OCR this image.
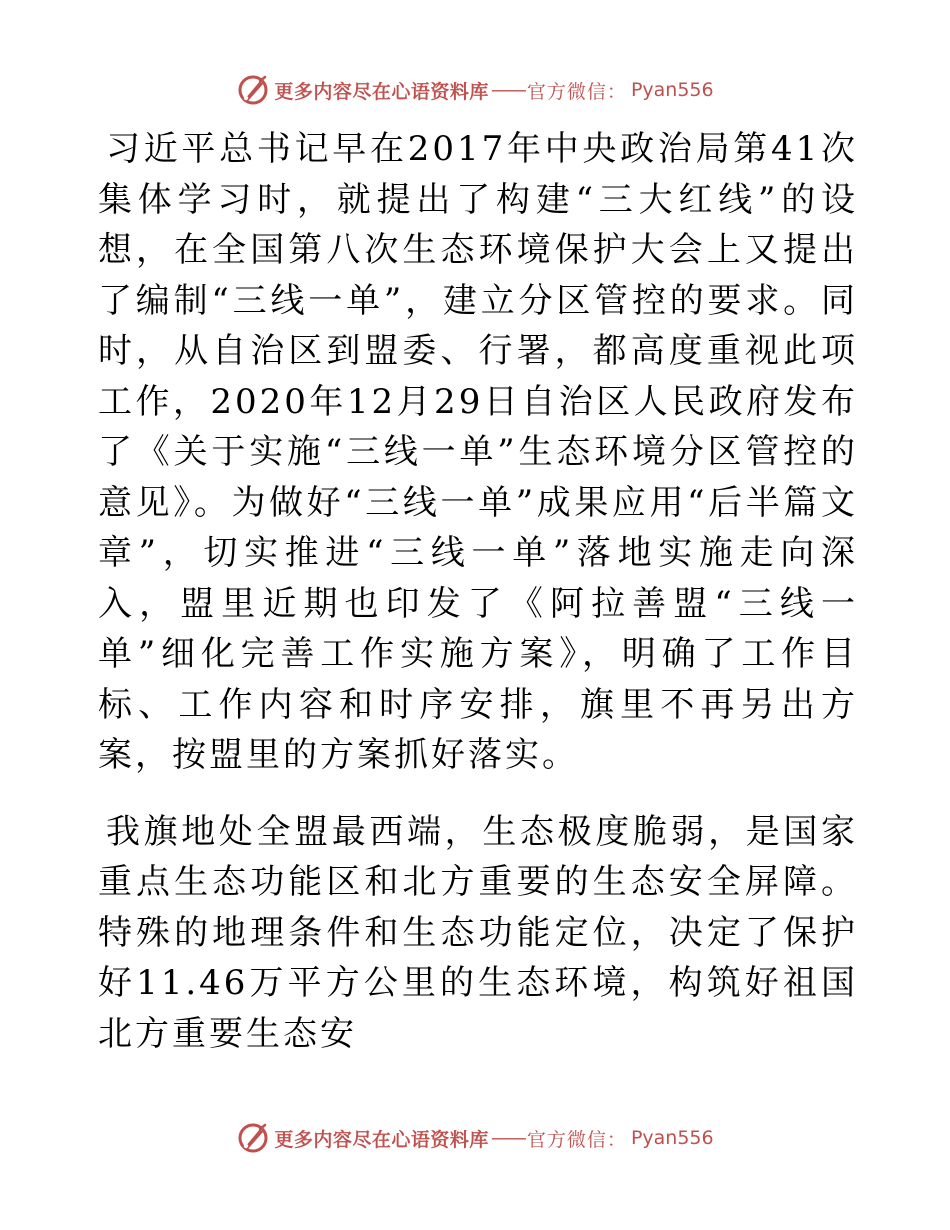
更多内容尽在心语资料库 —— 官方微信： Pyan556

习近平总书记早在2017年中央政治局第41次集体学习时，就提出了构建“三大红线”的设想，在全国第八次生态环境保护大会上又提出了编制“三线一单”，建立分区管控的要求。同时，从自治区到盟委、行署，都高度重视此项工作，2020年12月29日自治区人民政府发布了《关于实施“三线一单”生态环境分区管控的意见》。为做好“三线一单”成果应用“后半篇文章”，切实推进“三线一单”落地实施走向深入，盟里近期也印发了《阿拉善盟“三线一单”细化完善工作实施方案》，明确了工作目标、工作内容和时序安排，旗里不再另出方案，按盟里的方案抓好落实。

我旗地处全盟最西端，生态极度脆弱，是国家重点生态功能区和北方重要的生态安全屏障。特殊的地理条件和生态功能定位，决定了保护好11.46万平方公里的生态环境，构筑好祖国北方重要生态安

更多内容尽在心语资料库 —— 官方微信： Pyan556
